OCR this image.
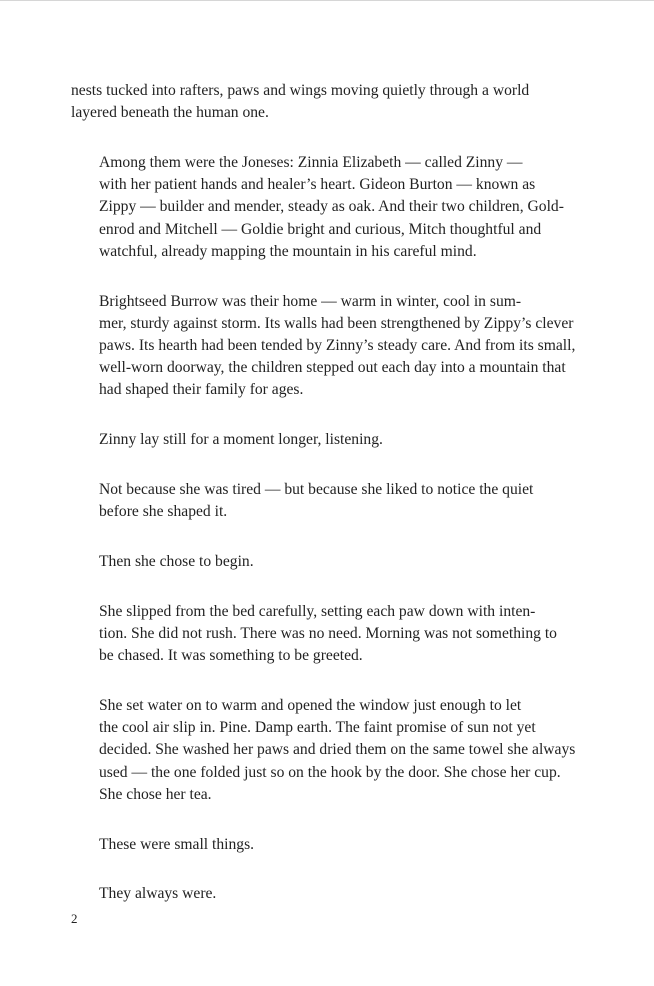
nests tucked into rafters, paws and wings moving quietly through a world
layered beneath the human one.

Among them were the Joneses: Zinnia Elizabeth — called Zinny —
with her patient hands and healer’s heart. Gideon Burton — known as
Zippy — builder and mender, steady as oak. And their two children, Gold-
enrod and Mitchell — Goldie bright and curious, Mitch thoughtful and
watchful, already mapping the mountain in his careful mind.

Brightseed Burrow was their home — warm in winter, cool in sum-
mer, sturdy against storm. Its walls had been strengthened by Zippy’s clever
paws. Its hearth had been tended by Zinny’s steady care. And from its small,
well-worn doorway, the children stepped out each day into a mountain that
had shaped their family for ages.

Zinny lay still for a moment longer, listening.

Not because she was tired — but because she liked to notice the quiet
before she shaped it.

Then she chose to begin.

She slipped from the bed carefully, setting each paw down with inten-
tion. She did not rush. There was no need. Morning was not something to
be chased. It was something to be greeted.

She set water on to warm and opened the window just enough to let
the cool air slip in. Pine. Damp earth. The faint promise of sun not yet
decided. She washed her paws and dried them on the same towel she always
used — the one folded just so on the hook by the door. She chose her cup.
She chose her tea.

These were small things.

They always were.

2
